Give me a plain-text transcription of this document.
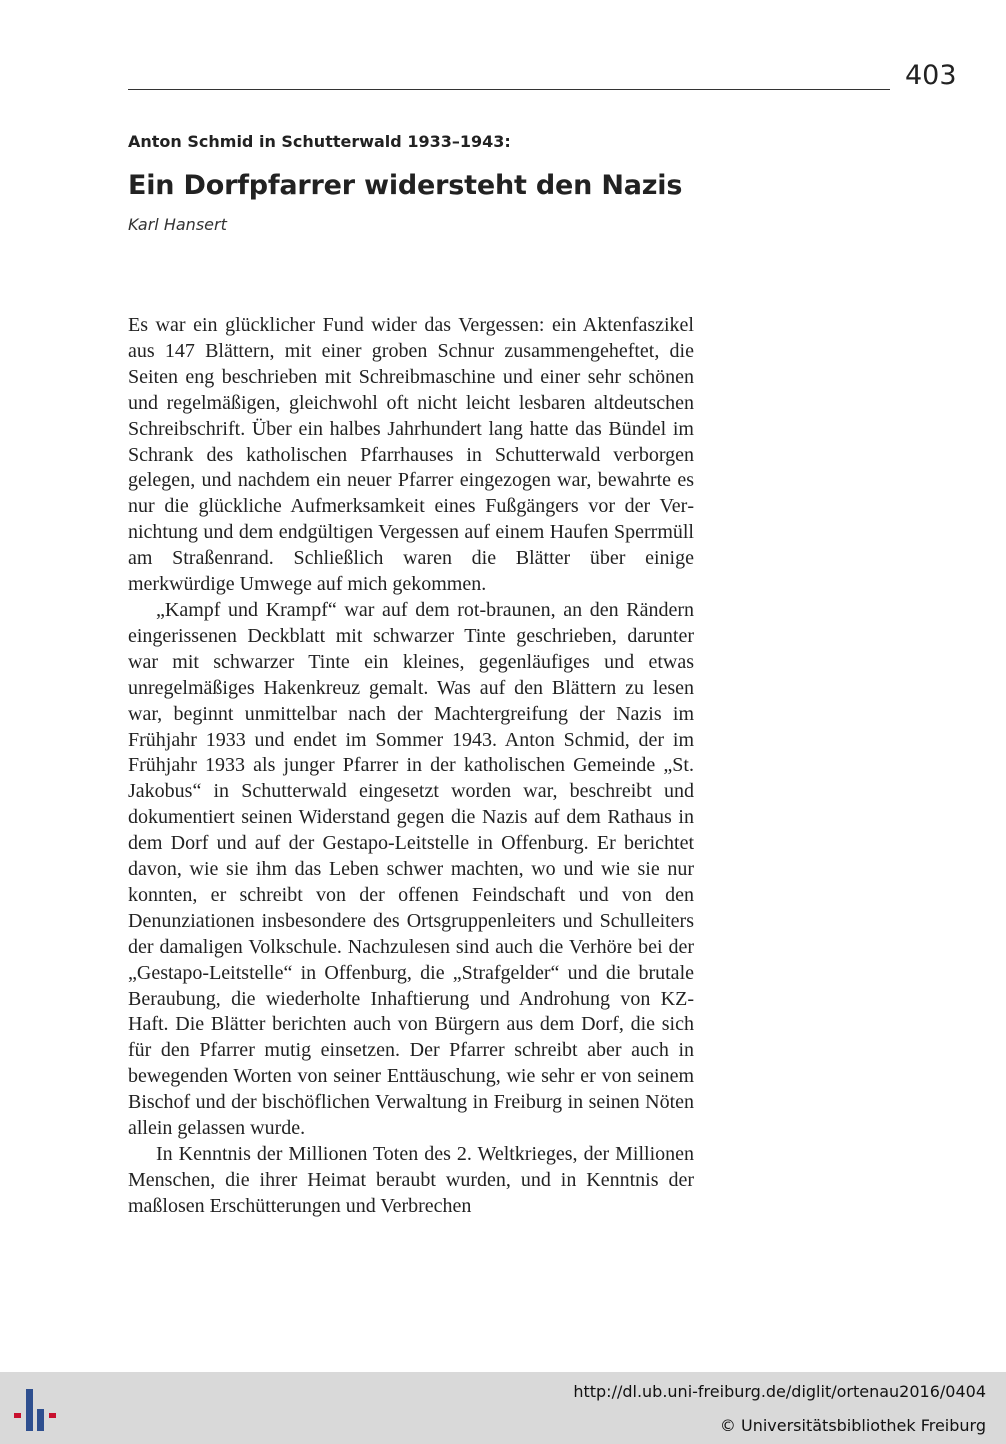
403
Anton Schmid in Schutterwald 1933–1943:
Ein Dorfpfarrer widersteht den Nazis
Karl Hansert

Es war ein glücklicher Fund wider das Vergessen: ein Aktenfaszikel aus 147 Blättern, mit einer groben Schnur zusammengeheftet, die Seiten eng beschrieben mit Schreibmaschine und einer sehr schönen und regelmäßigen, gleichwohl oft nicht leicht lesbaren altdeutschen Schreibschrift. Über ein halbes Jahrhundert lang hatte das Bündel im Schrank des katholischen Pfarrhauses in Schutterwald verborgen gelegen, und nachdem ein neuer Pfarrer eingezogen war, bewahrte es nur die glückliche Aufmerksamkeit eines Fußgängers vor der Vernichtung und dem endgültigen Vergessen auf einem Haufen Sperrmüll am Straßenrand. Schließlich waren die Blätter über einige merkwürdige Umwege auf mich gekommen.

„Kampf und Krampf“ war auf dem rot-braunen, an den Rändern eingerissenen Deckblatt mit schwarzer Tinte geschrieben, darunter war mit schwarzer Tinte ein kleines, gegenläufiges und etwas unregelmäßiges Hakenkreuz gemalt. Was auf den Blättern zu lesen war, beginnt unmittelbar nach der Machtergreifung der Nazis im Frühjahr 1933 und endet im Sommer 1943. Anton Schmid, der im Frühjahr 1933 als junger Pfarrer in der katholischen Gemeinde „St. Jakobus“ in Schutterwald eingesetzt worden war, beschreibt und dokumentiert seinen Widerstand gegen die Nazis auf dem Rathaus in dem Dorf und auf der Gestapo-Leitstelle in Offenburg. Er berichtet davon, wie sie ihm das Leben schwer machten, wo und wie sie nur konnten, er schreibt von der offenen Feindschaft und von den Denunziationen insbesondere des Ortsgruppenleiters und Schulleiters der damaligen Volkschule. Nachzulesen sind auch die Verhöre bei der „Gestapo-Leitstelle“ in Offenburg, die „Strafgelder“ und die brutale Beraubung, die wiederholte Inhaftierung und Androhung von KZ-Haft. Die Blätter berichten auch von Bürgern aus dem Dorf, die sich für den Pfarrer mutig einsetzen. Der Pfarrer schreibt aber auch in bewegenden Worten von seiner Enttäuschung, wie sehr er von seinem Bischof und der bischöflichen Verwaltung in Freiburg in seinen Nöten allein gelassen wurde.

In Kenntnis der Millionen Toten des 2. Weltkrieges, der Millionen Menschen, die ihrer Heimat beraubt wurden, und in Kenntnis der maßlosen Erschütterungen und Verbrechen

http://dl.ub.uni-freiburg.de/diglit/ortenau2016/0404
© Universitätsbibliothek Freiburg
